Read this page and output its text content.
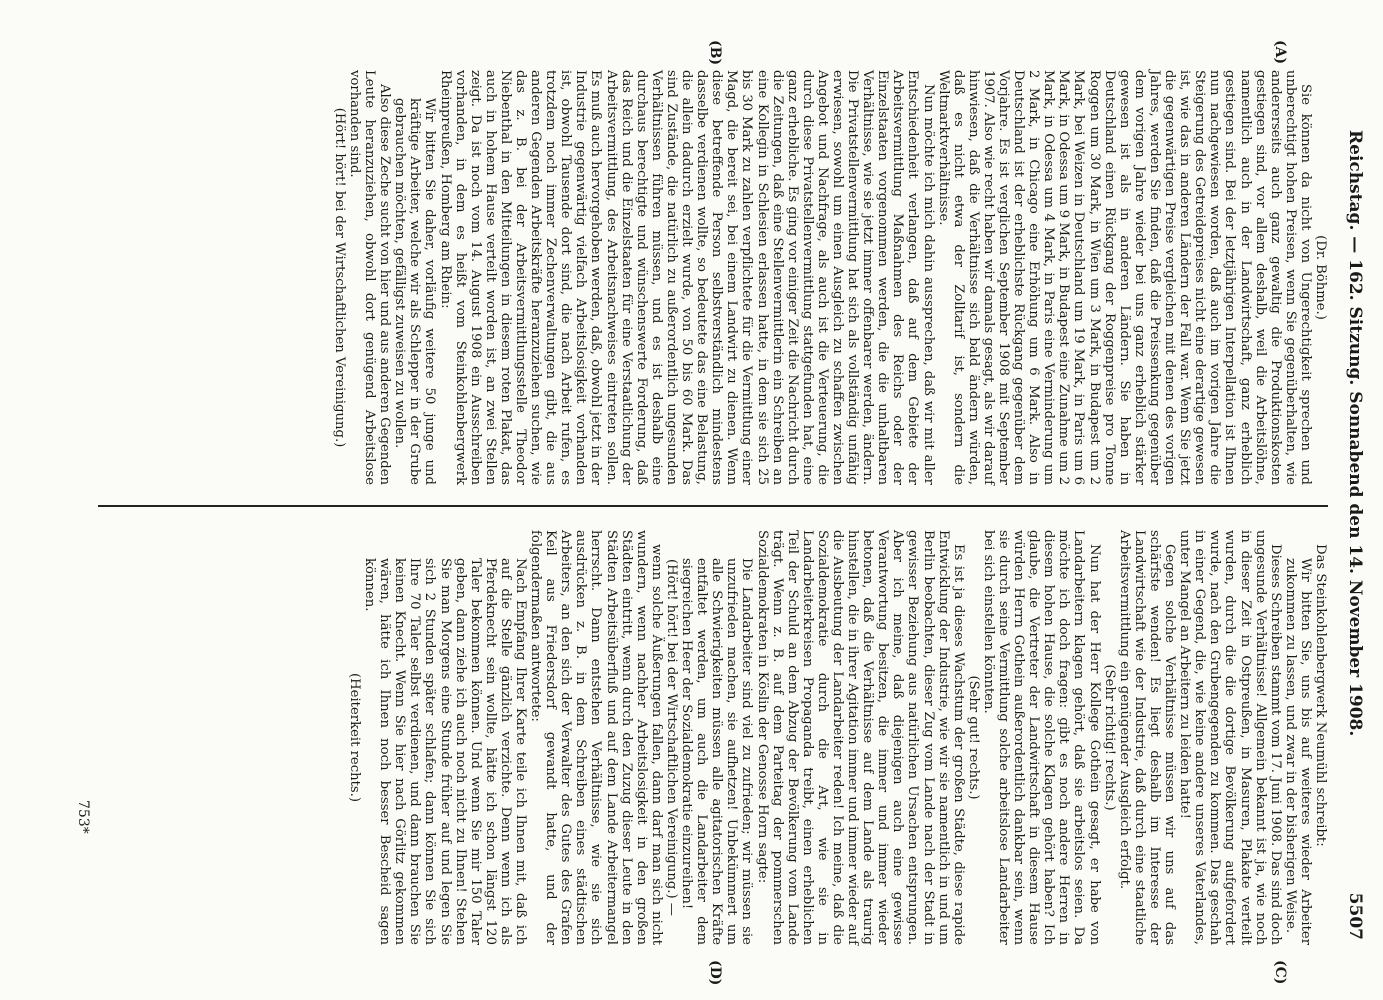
Reichstag. — 162. Sitzung. Sonnabend den 14. November 1908.
5507
(A)
(B)
(C)
(D)

(Dr. Böhme.)

Sie können da nicht von Ungerechtigkeit sprechen und unberechtigt hohen Preisen, wenn Sie gegenüberhalten, wie andererseits auch ganz gewaltig die Produktionskosten gestiegen sind, vor allem deshalb, weil die Arbeitslöhne, namentlich auch in der Landwirtschaft, ganz erheblich gestiegen sind. Bei der letztjährigen Interpellation ist Ihnen nun nachgewiesen worden, daß auch im vorigen Jahre die Steigerung des Getreidepreises nicht eine derartige gewesen ist, wie das in anderen Ländern der Fall war. Wenn Sie jetzt die gegenwärtigen Preise vergleichen mit denen des vorigen Jahres, werden Sie finden, daß die Preissenkung gegenüber dem vorigen Jahre wieder bei uns ganz erheblich stärker gewesen ist als in anderen Ländern. Sie haben in Deutschland einen Rückgang der Roggenpreise pro Tonne Roggen um 30 Mark, in Wien um 3 Mark, in Budapest um 2 Mark, bei Weizen in Deutschland um 19 Mark, in Paris um 6 Mark, in Odessa um 9 Mark, in Budapest eine Zunahme um 2 Mark, in Odessa um 4 Mark, in Paris eine Verminderung um 2 Mark, in Chicago eine Erhöhung um 6 Mark. Also in Deutschland ist der erheblichste Rückgang gegenüber dem Vorjahre. Es ist verglichen September 1908 mit September 1907. Also wie recht haben wir damals gesagt, als wir darauf hinwiesen, daß die Verhältnisse sich bald ändern würden, daß es nicht etwa der Zolltarif ist, sondern die Weltmarktverhältnisse.

Nun möchte ich mich dahin aussprechen, daß wir mit aller Entschiedenheit verlangen, daß auf dem Gebiete der Arbeitsvermittlung Maßnahmen des Reichs oder der Einzelstaaten vorgenommen werden, die die unhaltbaren Verhältnisse, wie sie jetzt immer offenbarer werden, ändern. Die Privatstellenvermittlung hat sich als vollständig unfähig erwiesen, sowohl um einen Ausgleich zu schaffen zwischen Angebot und Nachfrage, als auch ist die Verteuerung, die durch diese Privatstellenvermittlung stattgefunden hat, eine ganz erhebliche. Es ging vor einiger Zeit die Nachricht durch die Zeitungen, daß eine Stellenvermittlerin ein Schreiben an eine Kollegin in Schlesien erlassen hatte, in dem sie sich 25 bis 30 Mark zu zahlen verpflichtete für die Vermittlung einer Magd, die bereit sei, bei einem Landwirt zu dienen. Wenn diese betreffende Person selbstverständlich mindestens dasselbe verdienen wollte, so bedeutete das eine Belastung, die allein dadurch erzielt wurde, von 50 bis 60 Mark. Das sind Zustände, die natürlich zu außerordentlich ungesunden Verhältnissen führen müssen, und es ist deshalb eine durchaus berechtigte und wünschenswerte Forderung, daß das Reich und die Einzelstaaten für eine Verstaatlichung der Arbeitsvermittlung, des Arbeitsnachweises eintreten sollen. Es muß auch hervorgehoben werden, daß, obwohl jetzt in der Industrie gegenwärtig vielfach Arbeitslosigkeit vorhanden ist, obwohl Tausende dort sind, die nach Arbeit rufen, es trotzdem noch immer Zechenverwaltungen gibt, die aus anderen Gegenden Arbeitskräfte heranzuziehen suchen, wie das z. B. bei der Arbeitsvermittlungsstelle Theodor Niebenthal in den Mitteilungen in diesem roten Plakat, das auch in hohem Hause verteilt worden ist, an zwei Stellen zeigt. Da ist noch vom 14. August 1908 ein Ausschreiben vorhanden, in dem es heißt vom Steinkohlenbergwerk Rheinpreußen, Homberg am Rhein:

Wir bitten Sie daher, vorläufig weitere 50 junge und kräftige Arbeiter, welche wir als Schlepper in der Grube gebrauchen möchten, gefälligst zuweisen zu wollen.

Also diese Zeche sucht von hier und aus anderen Gegenden Leute heranzuziehen, obwohl dort genügend Arbeitslose vorhanden sind.

(Hört! hört! bei der Wirtschaftlichen Vereinigung.)

Das Steinkohlenbergwerk Neumühl schreibt:

Wir bitten Sie, uns bis auf weiteres wieder Arbeiter zukommen zu lassen, und zwar in der bisherigen Weise.

Dieses Schreiben stammt vom 17. Juni 1908. Das sind doch ungesunde Verhältnisse! Allgemein bekannt ist ja, wie noch in dieser Zeit in Ostpreußen, in Masuren, Plakate verteilt wurden, durch die die dortige Bevölkerung aufgefordert wurde, nach den Grubengegenden zu kommen. Das geschah in einer Gegend, die, wie keine andere unseres Vaterlandes, unter Mangel an Arbeitern zu leiden hatte!

Gegen solche Verhältnisse müssen wir uns auf das schärfste wenden! Es liegt deshalb im Interesse der Landwirtschaft wie der Industrie, daß durch eine staatliche Arbeitsvermittlung ein genügender Ausgleich erfolgt.

(Sehr richtig! rechts.)

Nun hat der Herr Kollege Gothein gesagt, er habe von Landarbeitern klagen gehört, daß sie arbeitslos seien. Da möchte ich doch fragen: gibt es noch andere Herren in diesem hohen Hause, die solche Klagen gehört haben? Ich glaube, die Vertreter der Landwirtschaft in diesem Hause würden Herrn Gothein außerordentlich dankbar sein, wenn sie durch seine Vermittlung solche arbeitslose Landarbeiter bei sich einstellen könnten.

(Sehr gut! rechts.)

Es ist ja dieses Wachstum der großen Städte, diese rapide Entwicklung der Industrie, wie wir sie namentlich in und um Berlin beobachten, dieser Zug vom Lande nach der Stadt in gewisser Beziehung aus natürlichen Ursachen entsprungen. Aber ich meine, daß diejenigen auch eine gewisse Verantwortung besitzen, die immer und immer wieder betonen, daß die Verhältnisse auf dem Lande als traurig hinstellen, die in ihrer Agitation immer und immer wieder auf die Ausbeutung der Landarbeiter reden! Ich meine, daß die Sozialdemokratie durch die Art, wie sie in Landarbeiterkreisen Propaganda treibt, einen erheblichen Teil der Schuld an dem Abzug der Bevölkerung vom Lande trägt. Wenn z. B. auf dem Parteitag der pommerschen Sozialdemokraten in Köslin der Genosse Horn sagte:

Die Landarbeiter sind viel zu zufrieden; wir müssen sie unzufrieden machen, sie aufhetzen! Unbekümmert um alle Schwierigkeiten müssen alle agitatorischen Kräfte entfaltet werden, um auch die Landarbeiter dem siegreichen Heer der Sozialdemokratie einzureihen!

(Hört! hört! bei der Wirtschaftlichen Vereinigung.) —

wenn solche Äußerungen fallen, dann darf man sich nicht wundern, wenn nachher Arbeitslosigkeit in den großen Städten eintritt, wenn durch den Zuzug dieser Leute in den Städten Arbeitsüberfluß und auf dem Lande Arbeitermangel herrscht. Dann entstehen Verhältnisse, wie sie sich ausdrücken z. B. in dem Schreiben eines städtischen Arbeiters, an den sich der Verwalter des Gutes des Grafen Keil aus Friedersdorf gewandt hatte, und der folgendermaßen antwortete:

Nach Empfang Ihrer Karte teile ich Ihnen mit, daß ich auf die Stelle gänzlich verzichte. Denn wenn ich als Pferdeknecht sein wollte, hätte ich schon längst 120 Taler bekommen können. Und wenn Sie mir 150 Taler geben, dann ziehe ich auch noch nicht zu Ihnen! Stehen Sie man Morgens eine Stunde früher auf und legen Sie sich 2 Stunden später schlafen; dann können Sie sich Ihre 70 Taler selbst verdienen, und dann brauchen Sie keinen Knecht. Wenn Sie hier nach Görlitz gekommen wären, hätte ich Ihnen noch besser Bescheid sagen können.

(Heiterkeit rechts.)

753*
